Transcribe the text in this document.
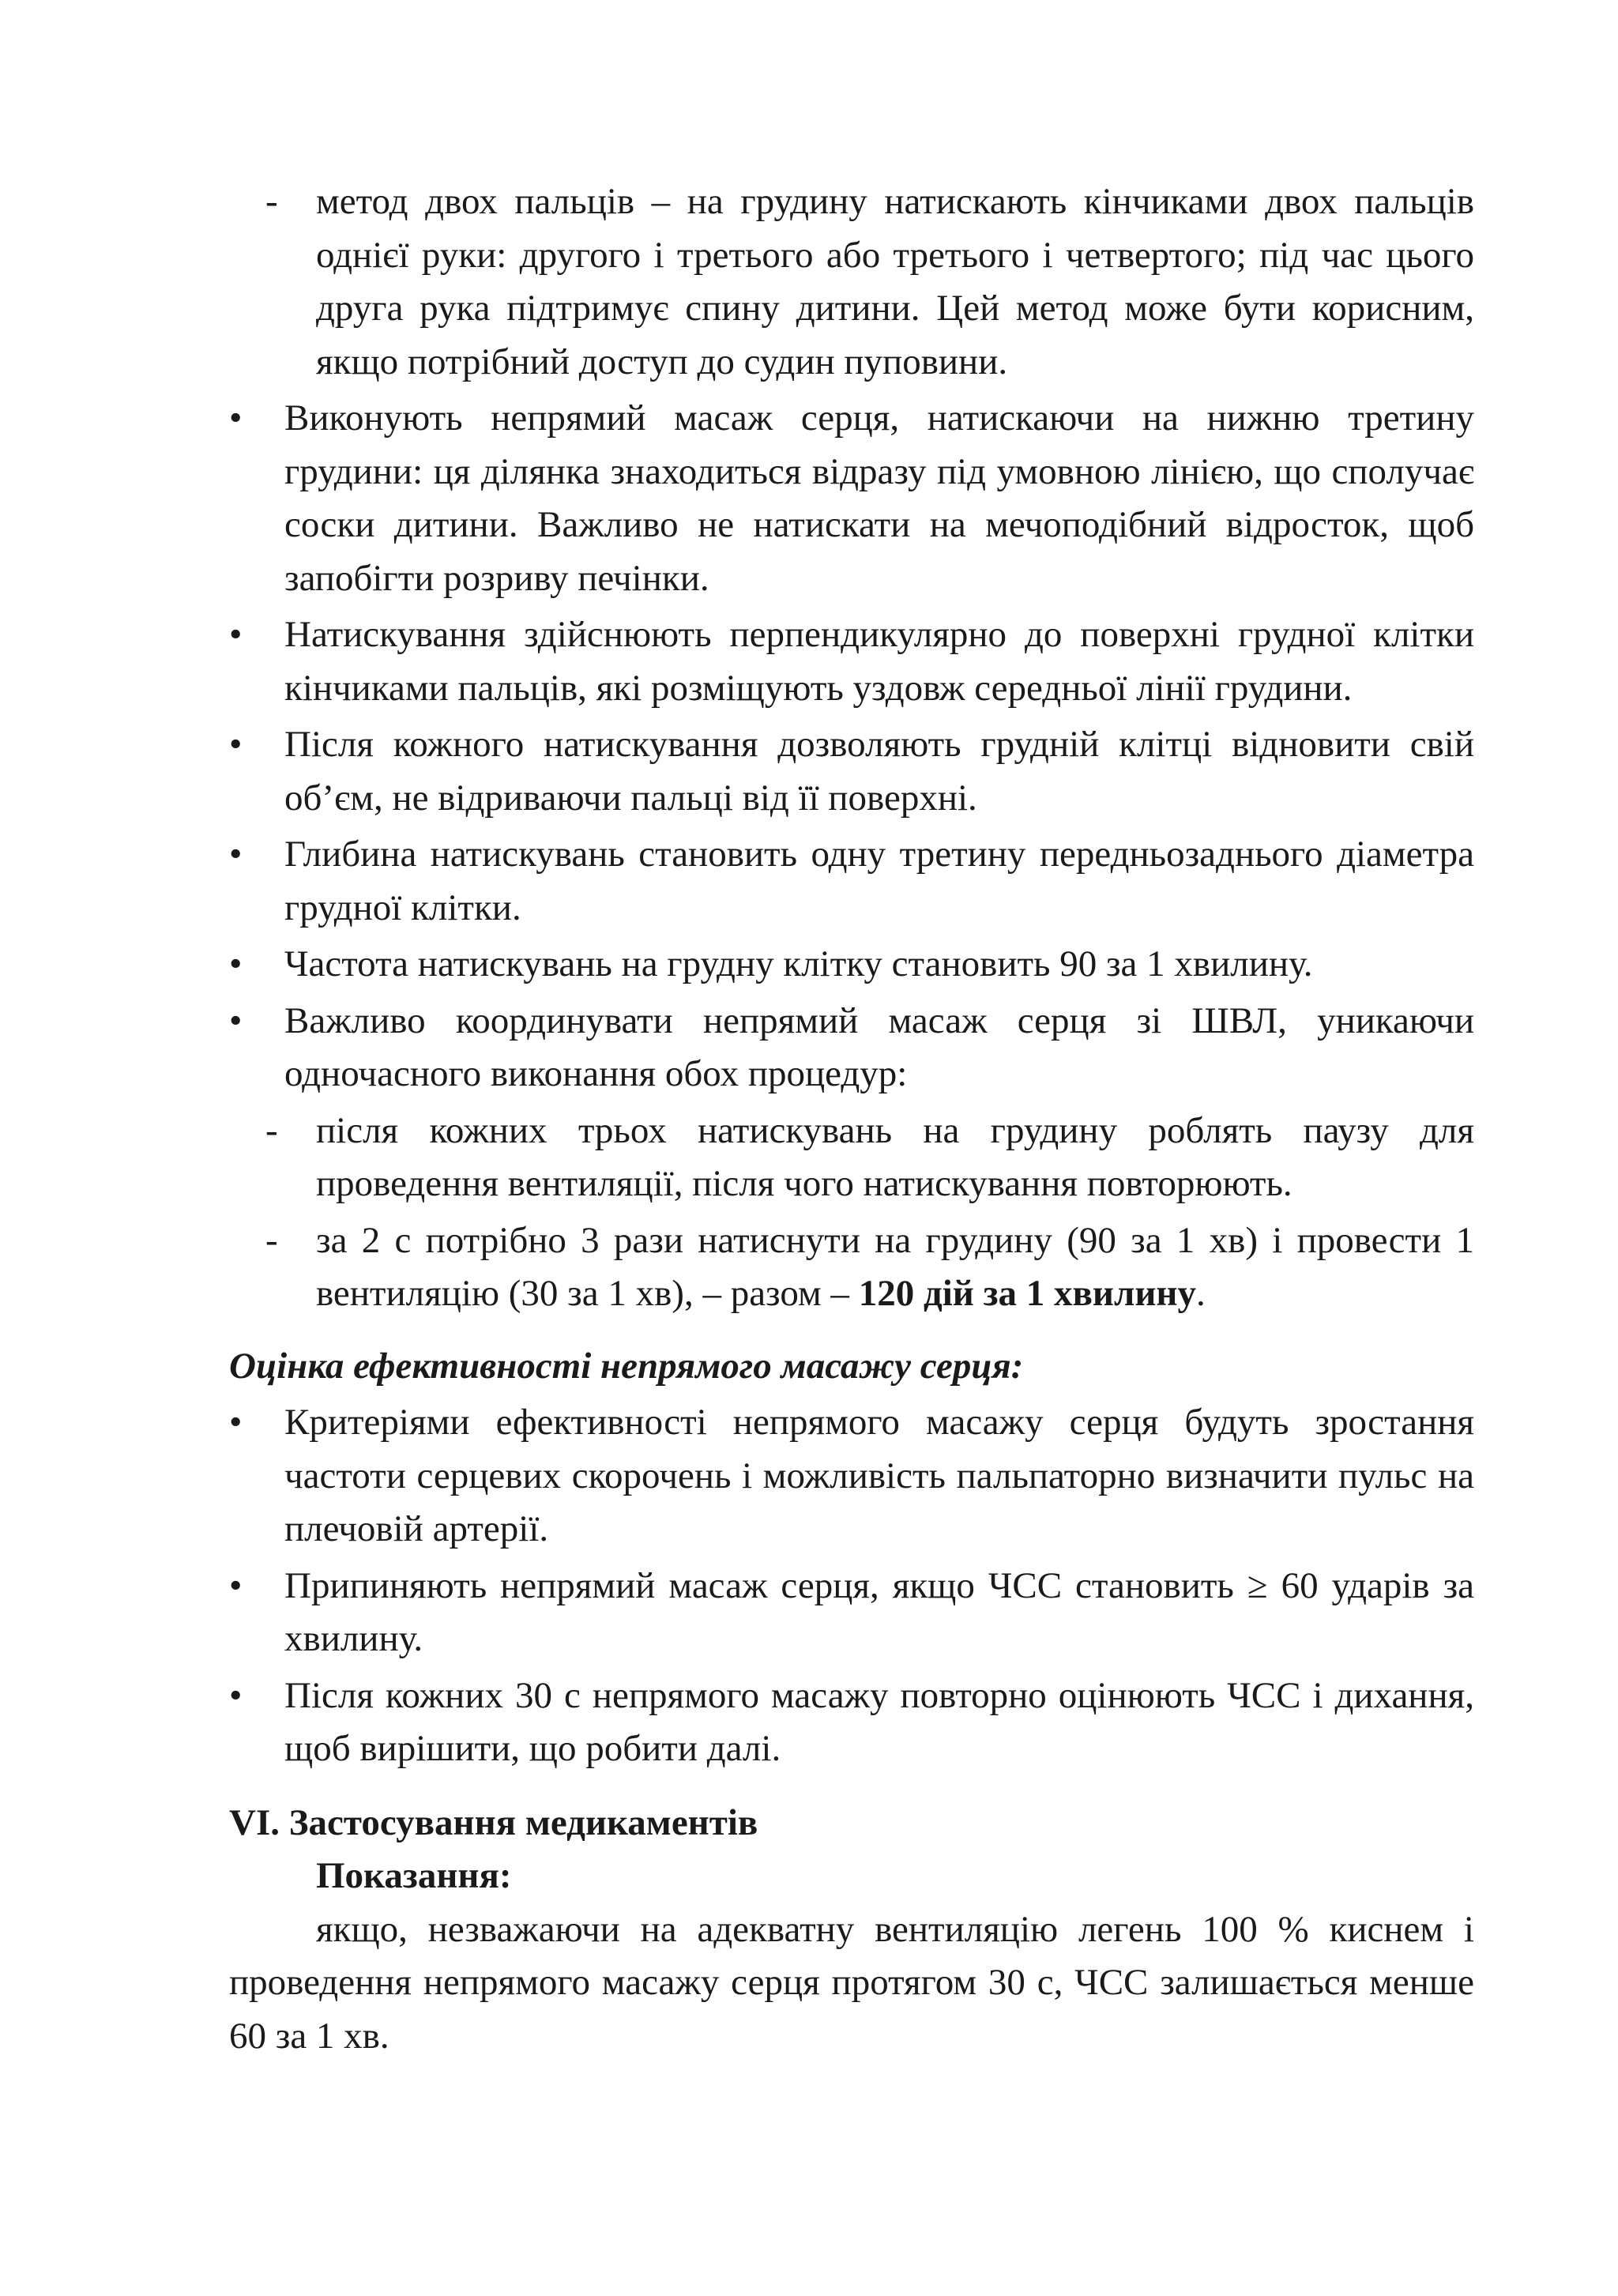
- метод двох пальців – на грудину натискають кінчиками двох пальців однієї руки: другого і третього або третього і четвертого; під час цього друга рука підтримує спину дитини. Цей метод може бути корисним, якщо потрібний доступ до судин пуповини.
• Виконують непрямий масаж серця, натискаючи на нижню третину грудини: ця ділянка знаходиться відразу під умовною лінією, що сполучає соски дитини. Важливо не натискати на мечоподібний відросток, щоб запобігти розриву печінки.
• Натискування здійснюють перпендикулярно до поверхні грудної клітки кінчиками пальців, які розміщують уздовж середньої лінії грудини.
• Після кожного натискування дозволяють грудній клітці відновити свій об’єм, не відриваючи пальці від її поверхні.
• Глибина натискувань становить одну третину передньозаднього діаметра грудної клітки.
• Частота натискувань на грудну клітку становить 90 за 1 хвилину.
• Важливо координувати непрямий масаж серця зі ШВЛ, уникаючи одночасного виконання обох процедур:
- після кожних трьох натискувань на грудину роблять паузу для проведення вентиляції, після чого натискування повторюють.
- за 2 с потрібно 3 рази натиснути на грудину (90 за 1 хв) і провести 1 вентиляцію (30 за 1 хв), – разом – 120 дій за 1 хвилину.
Оцінка ефективності непрямого масажу серця:
• Критеріями ефективності непрямого масажу серця будуть зростання частоти серцевих скорочень і можливість пальпаторно визначити пульс на плечовій артерії.
• Припиняють непрямий масаж серця, якщо ЧСС становить ≥ 60 ударів за хвилину.
• Після кожних 30 с непрямого масажу повторно оцінюють ЧСС і дихання, щоб вирішити, що робити далі.
VI. Застосування медикаментів
Показання:
якщо, незважаючи на адекватну вентиляцію легень 100 % киснем і проведення непрямого масажу серця протягом 30 с, ЧСС залишається менше 60 за 1 хв.
